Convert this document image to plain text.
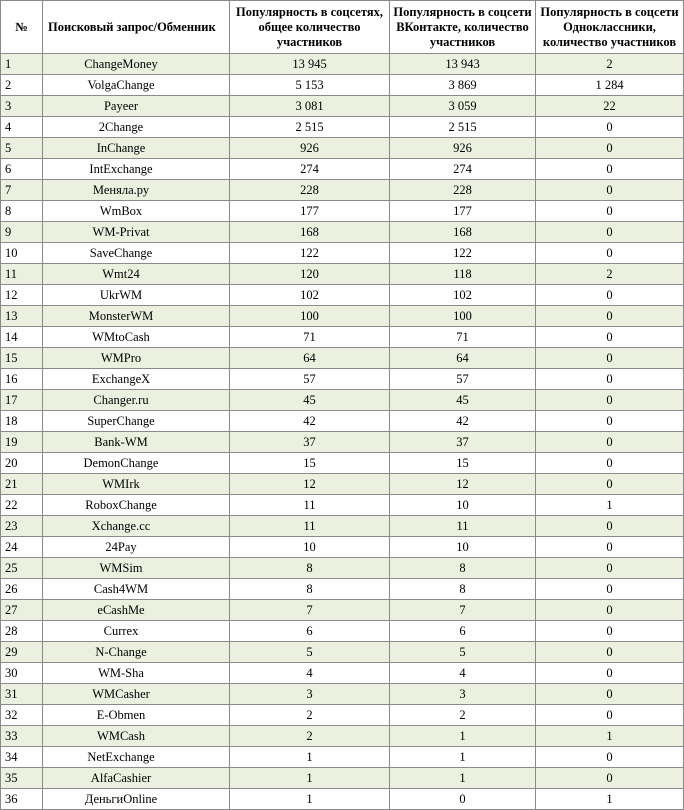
№	Поисковый запрос/Обменник	Популярность в соцсетях, общее количество участников	Популярность в соцсети ВКонтакте, количество участников	Популярность в соцсети Одноклассники, количество участников
1	ChangeMoney	13 945	13 943	2
2	VolgaChange	5 153	3 869	1 284
3	Payeer	3 081	3 059	22
4	2Change	2 515	2 515	0
5	InChange	926	926	0
6	IntExchange	274	274	0
7	Меняла.ру	228	228	0
8	WmBox	177	177	0
9	WM-Privat	168	168	0
10	SaveChange	122	122	0
11	Wmt24	120	118	2
12	UkrWM	102	102	0
13	MonsterWM	100	100	0
14	WMtoCash	71	71	0
15	WMPro	64	64	0
16	ExchangeX	57	57	0
17	Changer.ru	45	45	0
18	SuperChange	42	42	0
19	Bank-WM	37	37	0
20	DemonChange	15	15	0
21	WMIrk	12	12	0
22	RoboxChange	11	10	1
23	Xchange.cc	11	11	0
24	24Pay	10	10	0
25	WMSim	8	8	0
26	Cash4WM	8	8	0
27	eCashMe	7	7	0
28	Currex	6	6	0
29	N-Change	5	5	0
30	WM-Sha	4	4	0
31	WMCasher	3	3	0
32	E-Obmen	2	2	0
33	WMCash	2	1	1
34	NetExchange	1	1	0
35	AlfaCashier	1	1	0
36	ДеньгиOnline	1	0	1
